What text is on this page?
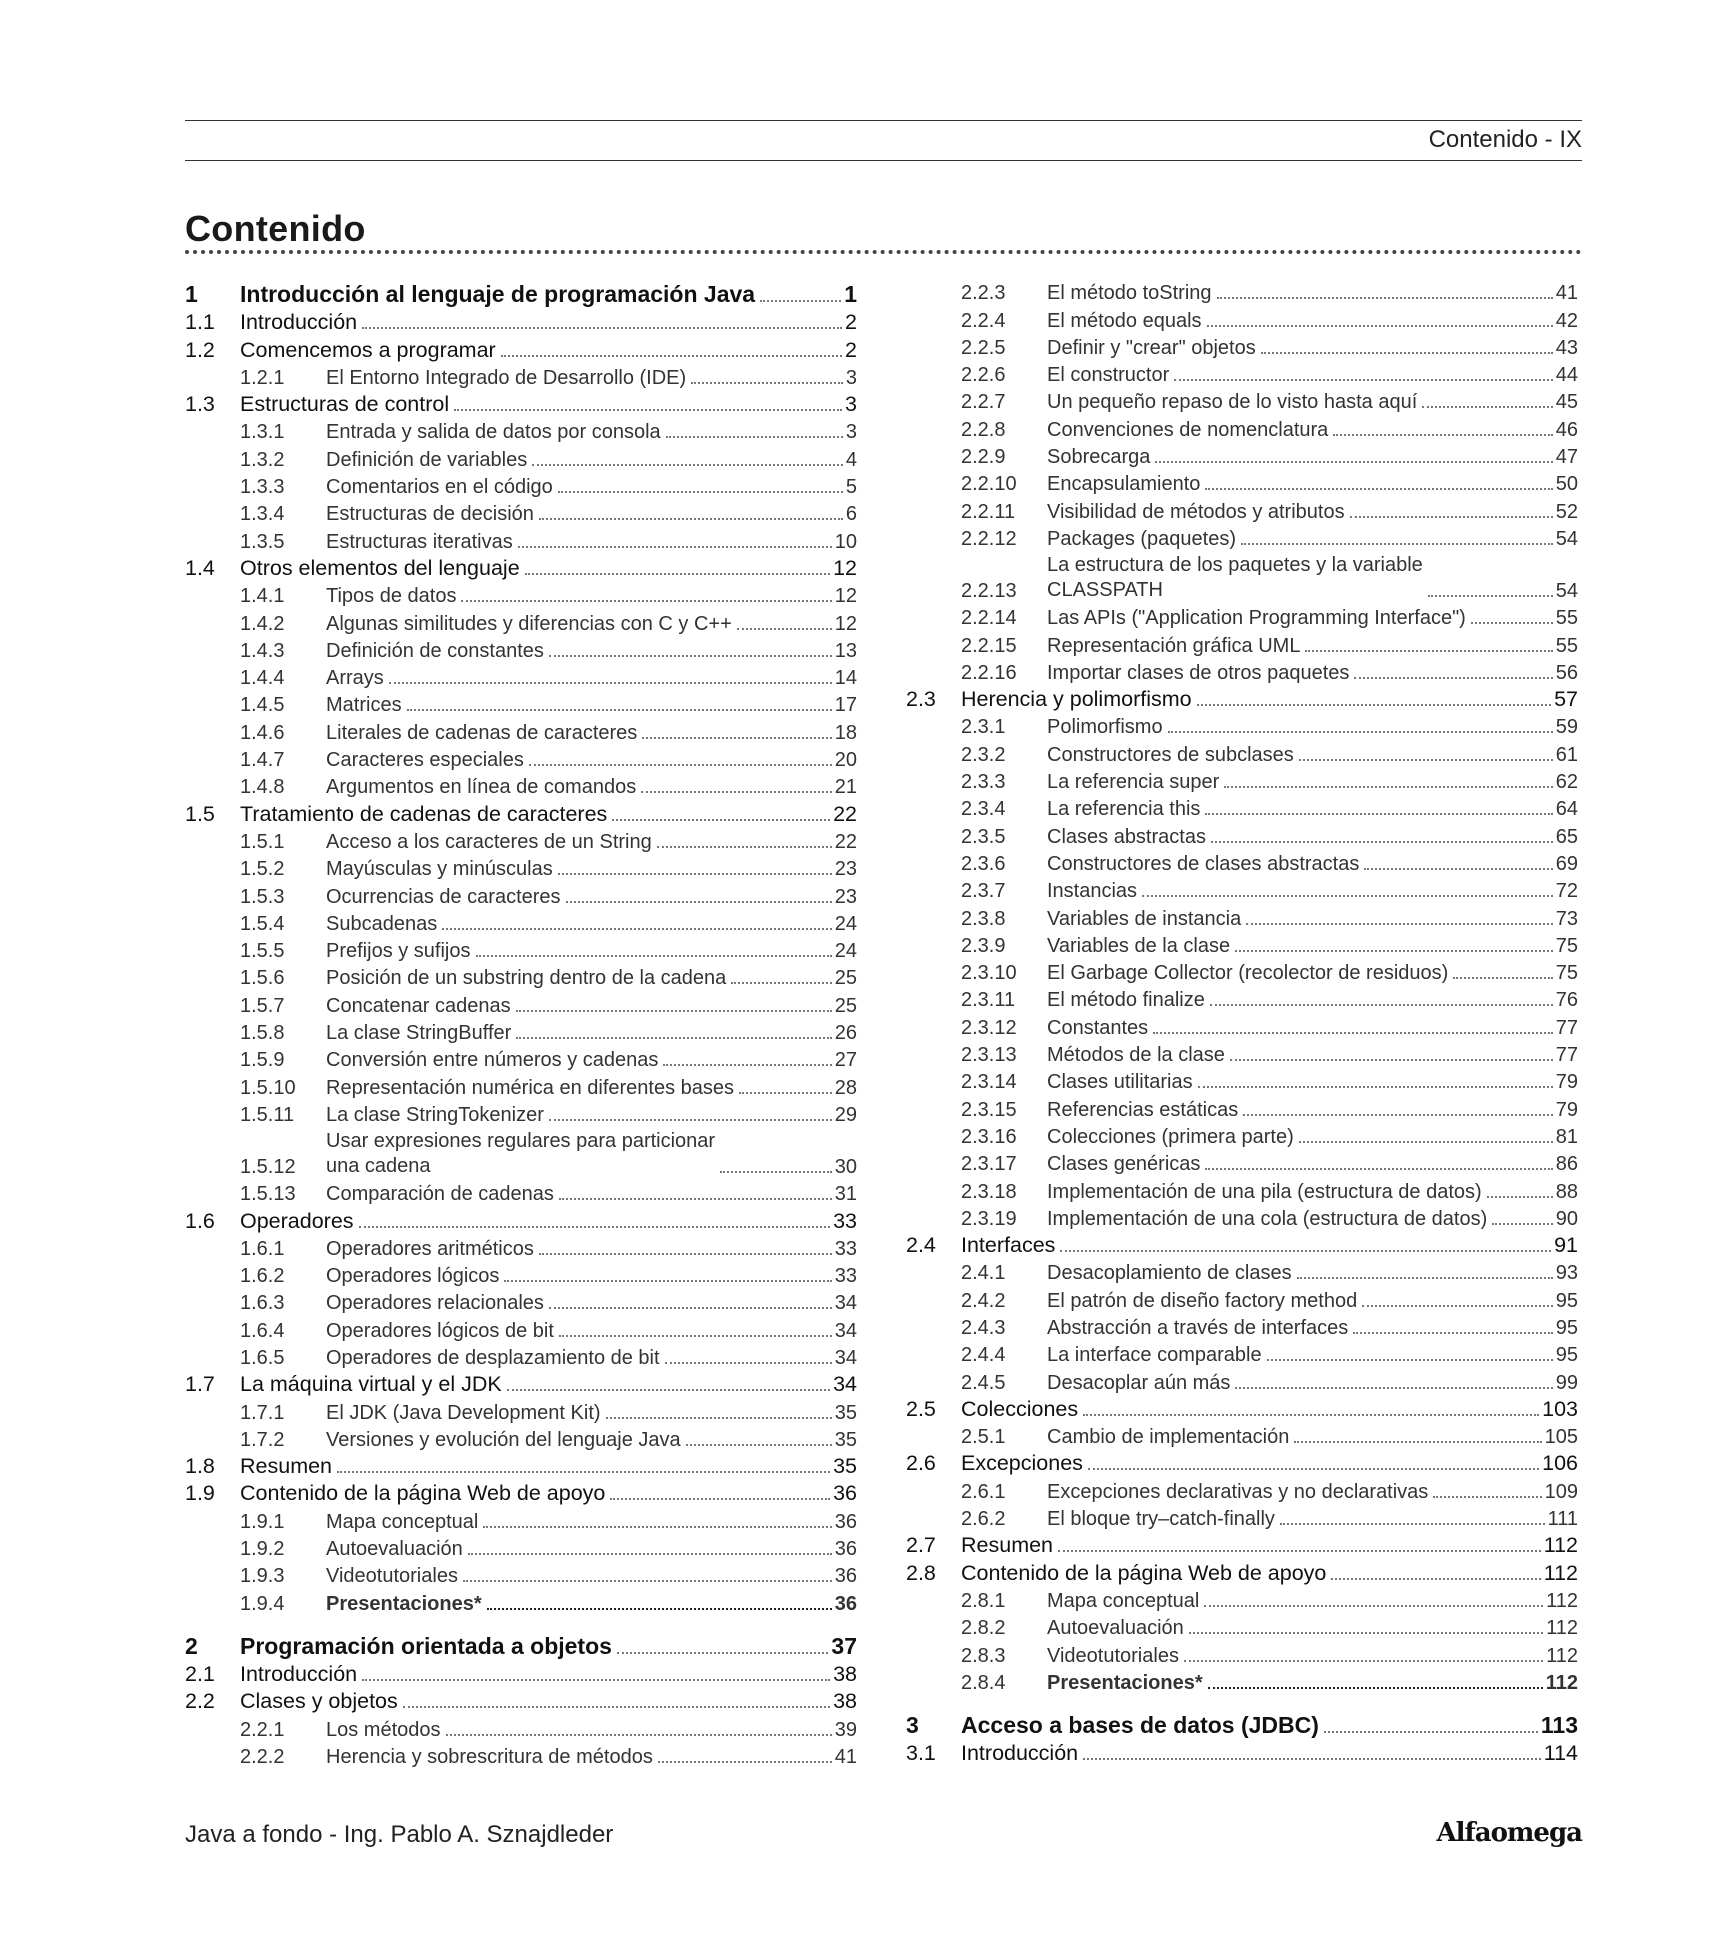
Contenido - IX
Contenido
1	Introducción al lenguaje de programación Java	1
1.1	Introducción	2
1.2	Comencemos a programar	2
1.2.1	El Entorno Integrado de Desarrollo (IDE)	3
1.3	Estructuras de control	3
1.3.1	Entrada y salida de datos por consola	3
1.3.2	Definición de variables	4
1.3.3	Comentarios en el código	5
1.3.4	Estructuras de decisión	6
1.3.5	Estructuras iterativas	10
1.4	Otros elementos del lenguaje	12
1.4.1	Tipos de datos	12
1.4.2	Algunas similitudes y diferencias con C y C++	12
1.4.3	Definición de constantes	13
1.4.4	Arrays	14
1.4.5	Matrices	17
1.4.6	Literales de cadenas de caracteres	18
1.4.7	Caracteres especiales	20
1.4.8	Argumentos en línea de comandos	21
1.5	Tratamiento de cadenas de caracteres	22
1.5.1	Acceso a los caracteres de un String	22
1.5.2	Mayúsculas y minúsculas	23
1.5.3	Ocurrencias de caracteres	23
1.5.4	Subcadenas	24
1.5.5	Prefijos y sufijos	24
1.5.6	Posición de un substring dentro de la cadena	25
1.5.7	Concatenar cadenas	25
1.5.8	La clase StringBuffer	26
1.5.9	Conversión entre números y cadenas	27
1.5.10	Representación numérica en diferentes bases	28
1.5.11	La clase StringTokenizer	29
1.5.12
Usar expresiones regulares para particionar
una cadena	30
1.5.13	Comparación de cadenas	31
1.6	Operadores	33
1.6.1	Operadores aritméticos	33
1.6.2	Operadores lógicos	33
1.6.3	Operadores relacionales	34
1.6.4	Operadores lógicos de bit	34
1.6.5	Operadores de desplazamiento de bit	34
1.7	La máquina virtual y el JDK	34
1.7.1	El JDK (Java Development Kit)	35
1.7.2	Versiones y evolución del lenguaje Java	35
1.8	Resumen	35
1.9	Contenido de la página Web de apoyo	36
1.9.1	Mapa conceptual	36
1.9.2	Autoevaluación	36
1.9.3	Videotutoriales	36
1.9.4	Presentaciones*	36
2	Programación orientada a objetos	37
2.1	Introducción	38
2.2	Clases y objetos	38
2.2.1	Los métodos	39
2.2.2	Herencia y sobrescritura de métodos	41
2.2.3	El método toString	41
2.2.4	El método equals	42
2.2.5	Definir y "crear" objetos	43
2.2.6	El constructor	44
2.2.7	Un pequeño repaso de lo visto hasta aquí	45
2.2.8	Convenciones de nomenclatura	46
2.2.9	Sobrecarga	47
2.2.10	Encapsulamiento	50
2.2.11	Visibilidad de métodos y atributos	52
2.2.12	Packages (paquetes)	54
2.2.13
La estructura de los paquetes y la variable
CLASSPATH	54
2.2.14	Las APIs ("Application Programming Interface")	55
2.2.15	Representación gráfica UML	55
2.2.16	Importar clases de otros paquetes	56
2.3	Herencia y polimorfismo	57
2.3.1	Polimorfismo	59
2.3.2	Constructores de subclases	61
2.3.3	La referencia super	62
2.3.4	La referencia this	64
2.3.5	Clases abstractas	65
2.3.6	Constructores de clases abstractas	69
2.3.7	Instancias	72
2.3.8	Variables de instancia	73
2.3.9	Variables de la clase	75
2.3.10	El Garbage Collector (recolector de residuos)	75
2.3.11	El método finalize	76
2.3.12	Constantes	77
2.3.13	Métodos de la clase	77
2.3.14	Clases utilitarias	79
2.3.15	Referencias estáticas	79
2.3.16	Colecciones (primera parte)	81
2.3.17	Clases genéricas	86
2.3.18	Implementación de una pila (estructura de datos)	88
2.3.19	Implementación de una cola (estructura de datos)	90
2.4	Interfaces	91
2.4.1	Desacoplamiento de clases	93
2.4.2	El patrón de diseño factory method	95
2.4.3	Abstracción a través de interfaces	95
2.4.4	La interface comparable	95
2.4.5	Desacoplar aún más	99
2.5	Colecciones	103
2.5.1	Cambio de implementación	105
2.6	Excepciones	106
2.6.1	Excepciones declarativas y no declarativas	109
2.6.2	El bloque try–catch-finally	111
2.7	Resumen	112
2.8	Contenido de la página Web de apoyo	112
2.8.1	Mapa conceptual	112
2.8.2	Autoevaluación	112
2.8.3	Videotutoriales	112
2.8.4	Presentaciones*	112
3	Acceso a bases de datos (JDBC)	113
3.1	Introducción	114
Java a fondo - Ing. Pablo A. Sznajdleder	Alfaomega
